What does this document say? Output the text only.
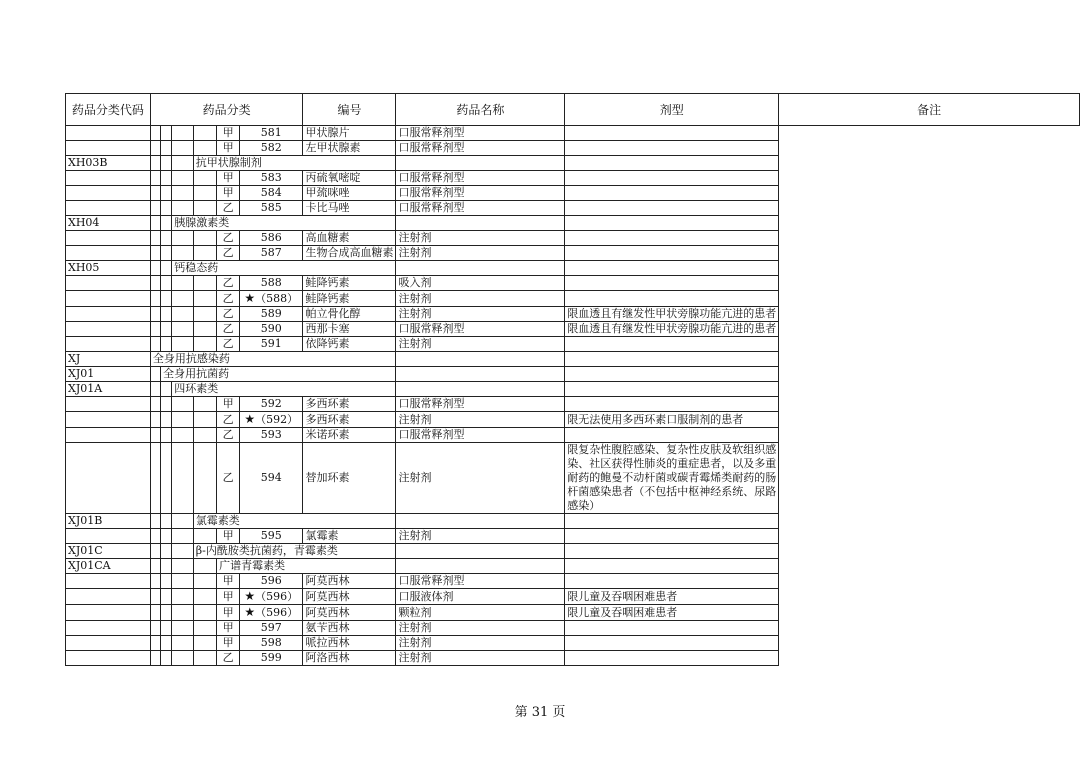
药品分类代码	药品分类						编号	药品名称	剂型	备注
					甲	581	甲状腺片	口服常释剂型		
					甲	582	左甲状腺素	口服常释剂型		
XH03B				抗甲状腺制剂						
					甲	583	丙硫氧嘧啶	口服常释剂型		
					甲	584	甲巯咪唑	口服常释剂型		
					乙	585	卡比马唑	口服常释剂型		
XH04			胰腺激素类							
					乙	586	高血糖素	注射剂		
					乙	587	生物合成高血糖素	注射剂		
XH05			钙稳态药							
					乙	588	鲑降钙素	吸入剂		
					乙	★（588）	鲑降钙素	注射剂		
					乙	589	帕立骨化醇	注射剂	限血透且有继发性甲状旁腺功能亢进的患者	
					乙	590	西那卡塞	口服常释剂型	限血透且有继发性甲状旁腺功能亢进的患者	
					乙	591	依降钙素	注射剂		
XJ	全身用抗感染药									
XJ01		全身用抗菌药								
XJ01A			四环素类							
					甲	592	多西环素	口服常释剂型		
					乙	★（592）	多西环素	注射剂	限无法使用多西环素口服制剂的患者	
					乙	593	米诺环素	口服常释剂型		
					乙	594	替加环素	注射剂	限复杂性腹腔感染、复杂性皮肤及软组织感染、社区获得性肺炎的重症患者，以及多重耐药的鲍曼不动杆菌或碳青霉烯类耐药的肠杆菌感染患者（不包括中枢神经系统、尿路感染）	
XJ01B				氯霉素类						
					甲	595	氯霉素	注射剂		
XJ01C				β-内酰胺类抗菌药，青霉素类						
XJ01CA					广谱青霉素类					
					甲	596	阿莫西林	口服常释剂型		
					甲	★（596）	阿莫西林	口服液体剂	限儿童及吞咽困难患者	
					甲	★（596）	阿莫西林	颗粒剂	限儿童及吞咽困难患者	
					甲	597	氨苄西林	注射剂		
					甲	598	哌拉西林	注射剂		
					乙	599	阿洛西林	注射剂		
第 31 页
